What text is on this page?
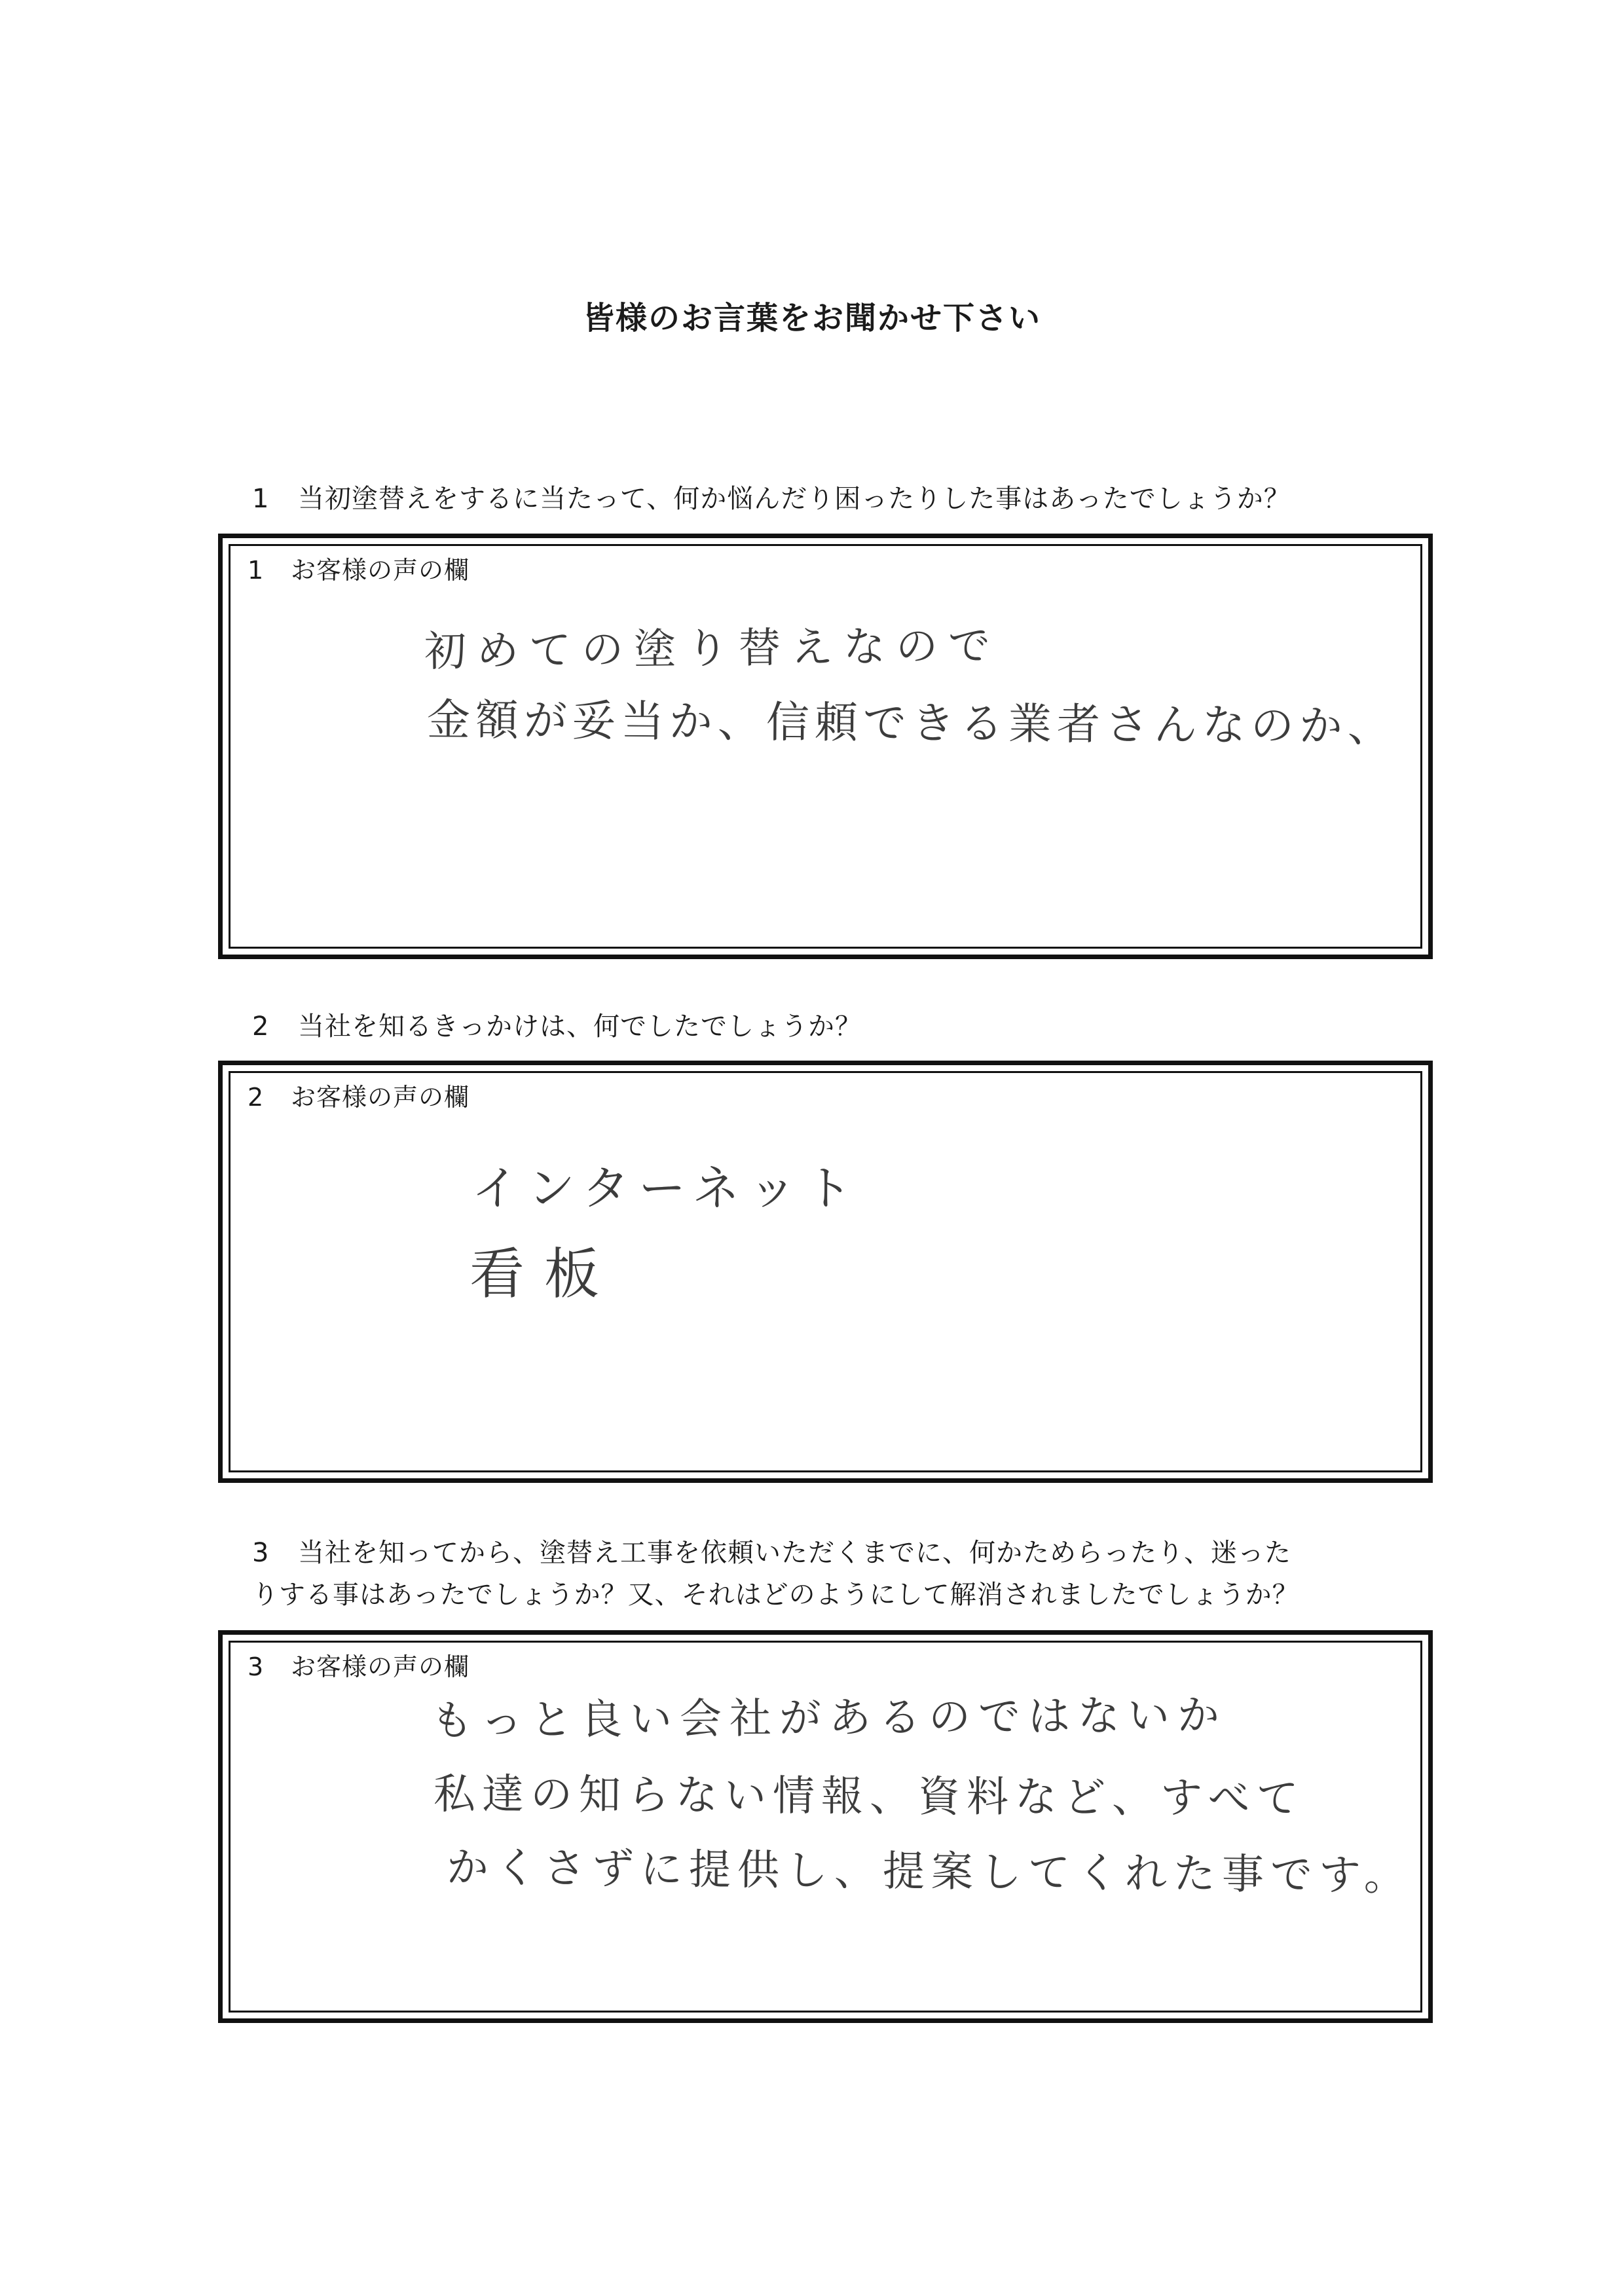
皆様のお言葉をお聞かせ下さい
1 当初塗替えをするに当たって、何か悩んだり困ったりした事はあったでしょうか？
1 お客様の声の欄
初めての塗り替えなので
金額が妥当か、信頼できる業者さんなのか、
2 当社を知るきっかけは、何でしたでしょうか？
2 お客様の声の欄
インターネット
看板
3 当社を知ってから、塗替え工事を依頼いただくまでに、何かためらったり、迷った
りする事はあったでしょうか？又、それはどのようにして解消されましたでしょうか？
3 お客様の声の欄
もっと良い会社があるのではないか
私達の知らない情報、資料など、すべて
かくさずに提供し、提案してくれた事です。
